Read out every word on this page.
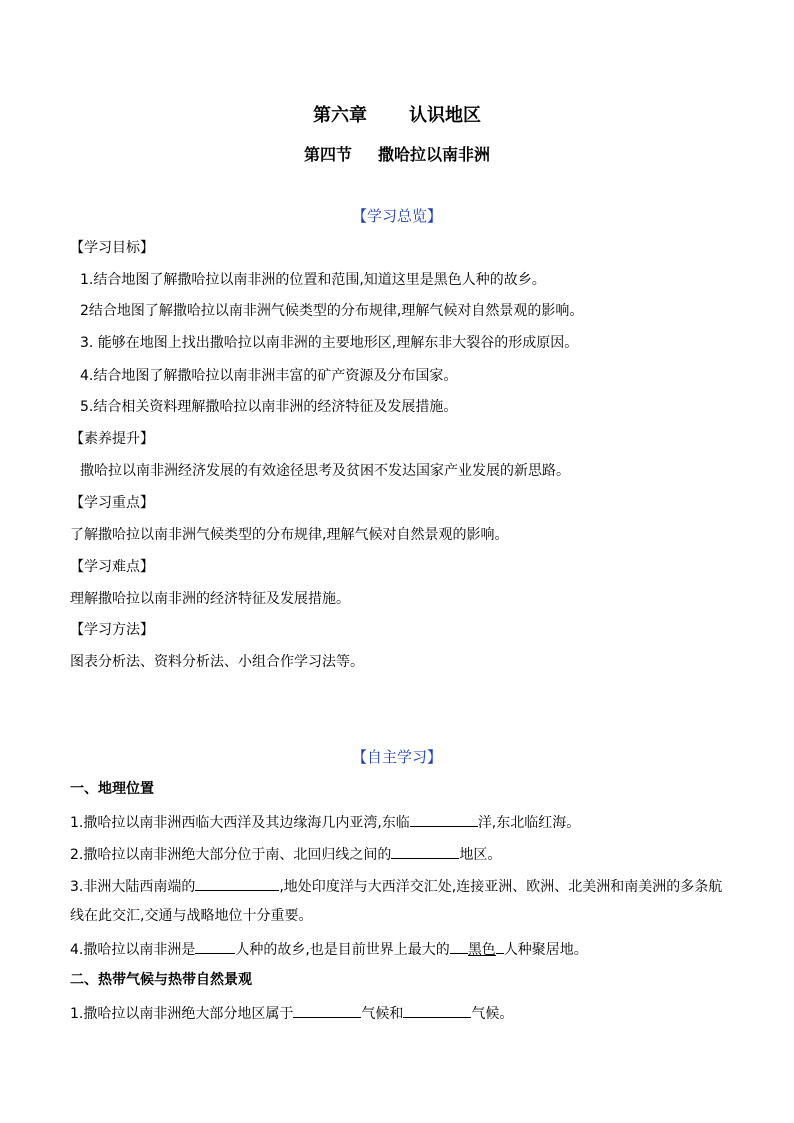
第六章 认识地区
第四节 撒哈拉以南非洲
【学习总览】
【学习目标】
1.结合地图了解撒哈拉以南非洲的位置和范围,知道这里是黑色人种的故乡。
2结合地图了解撒哈拉以南非洲气候类型的分布规律,理解气候对自然景观的影响。
3. 能够在地图上找出撒哈拉以南非洲的主要地形区,理解东非大裂谷的形成原因。
4.结合地图了解撒哈拉以南非洲丰富的矿产资源及分布国家。
5.结合相关资料理解撒哈拉以南非洲的经济特征及发展措施。
【素养提升】
撒哈拉以南非洲经济发展的有效途径思考及贫困不发达国家产业发展的新思路。
【学习重点】
了解撒哈拉以南非洲气候类型的分布规律,理解气候对自然景观的影响。
【学习难点】
理解撒哈拉以南非洲的经济特征及发展措施。
【学习方法】
图表分析法、资料分析法、小组合作学习法等。
【自主学习】
一、地理位置
1.撒哈拉以南非洲西临大西洋及其边缘海几内亚湾,东临	洋,东北临红海。
2.撒哈拉以南非洲绝大部分位于南、北回归线之间的	地区。
3.非洲大陆西南端的	,地处印度洋与大西洋交汇处,连接亚洲、欧洲、北美洲和南美洲的多条航
线在此交汇,交通与战略地位十分重要。
4.撒哈拉以南非洲是	人种的故乡,也是目前世界上最大的 黑色 人种聚居地。
二、热带气候与热带自然景观
1.撒哈拉以南非洲绝大部分地区属于	气候和	气候。
